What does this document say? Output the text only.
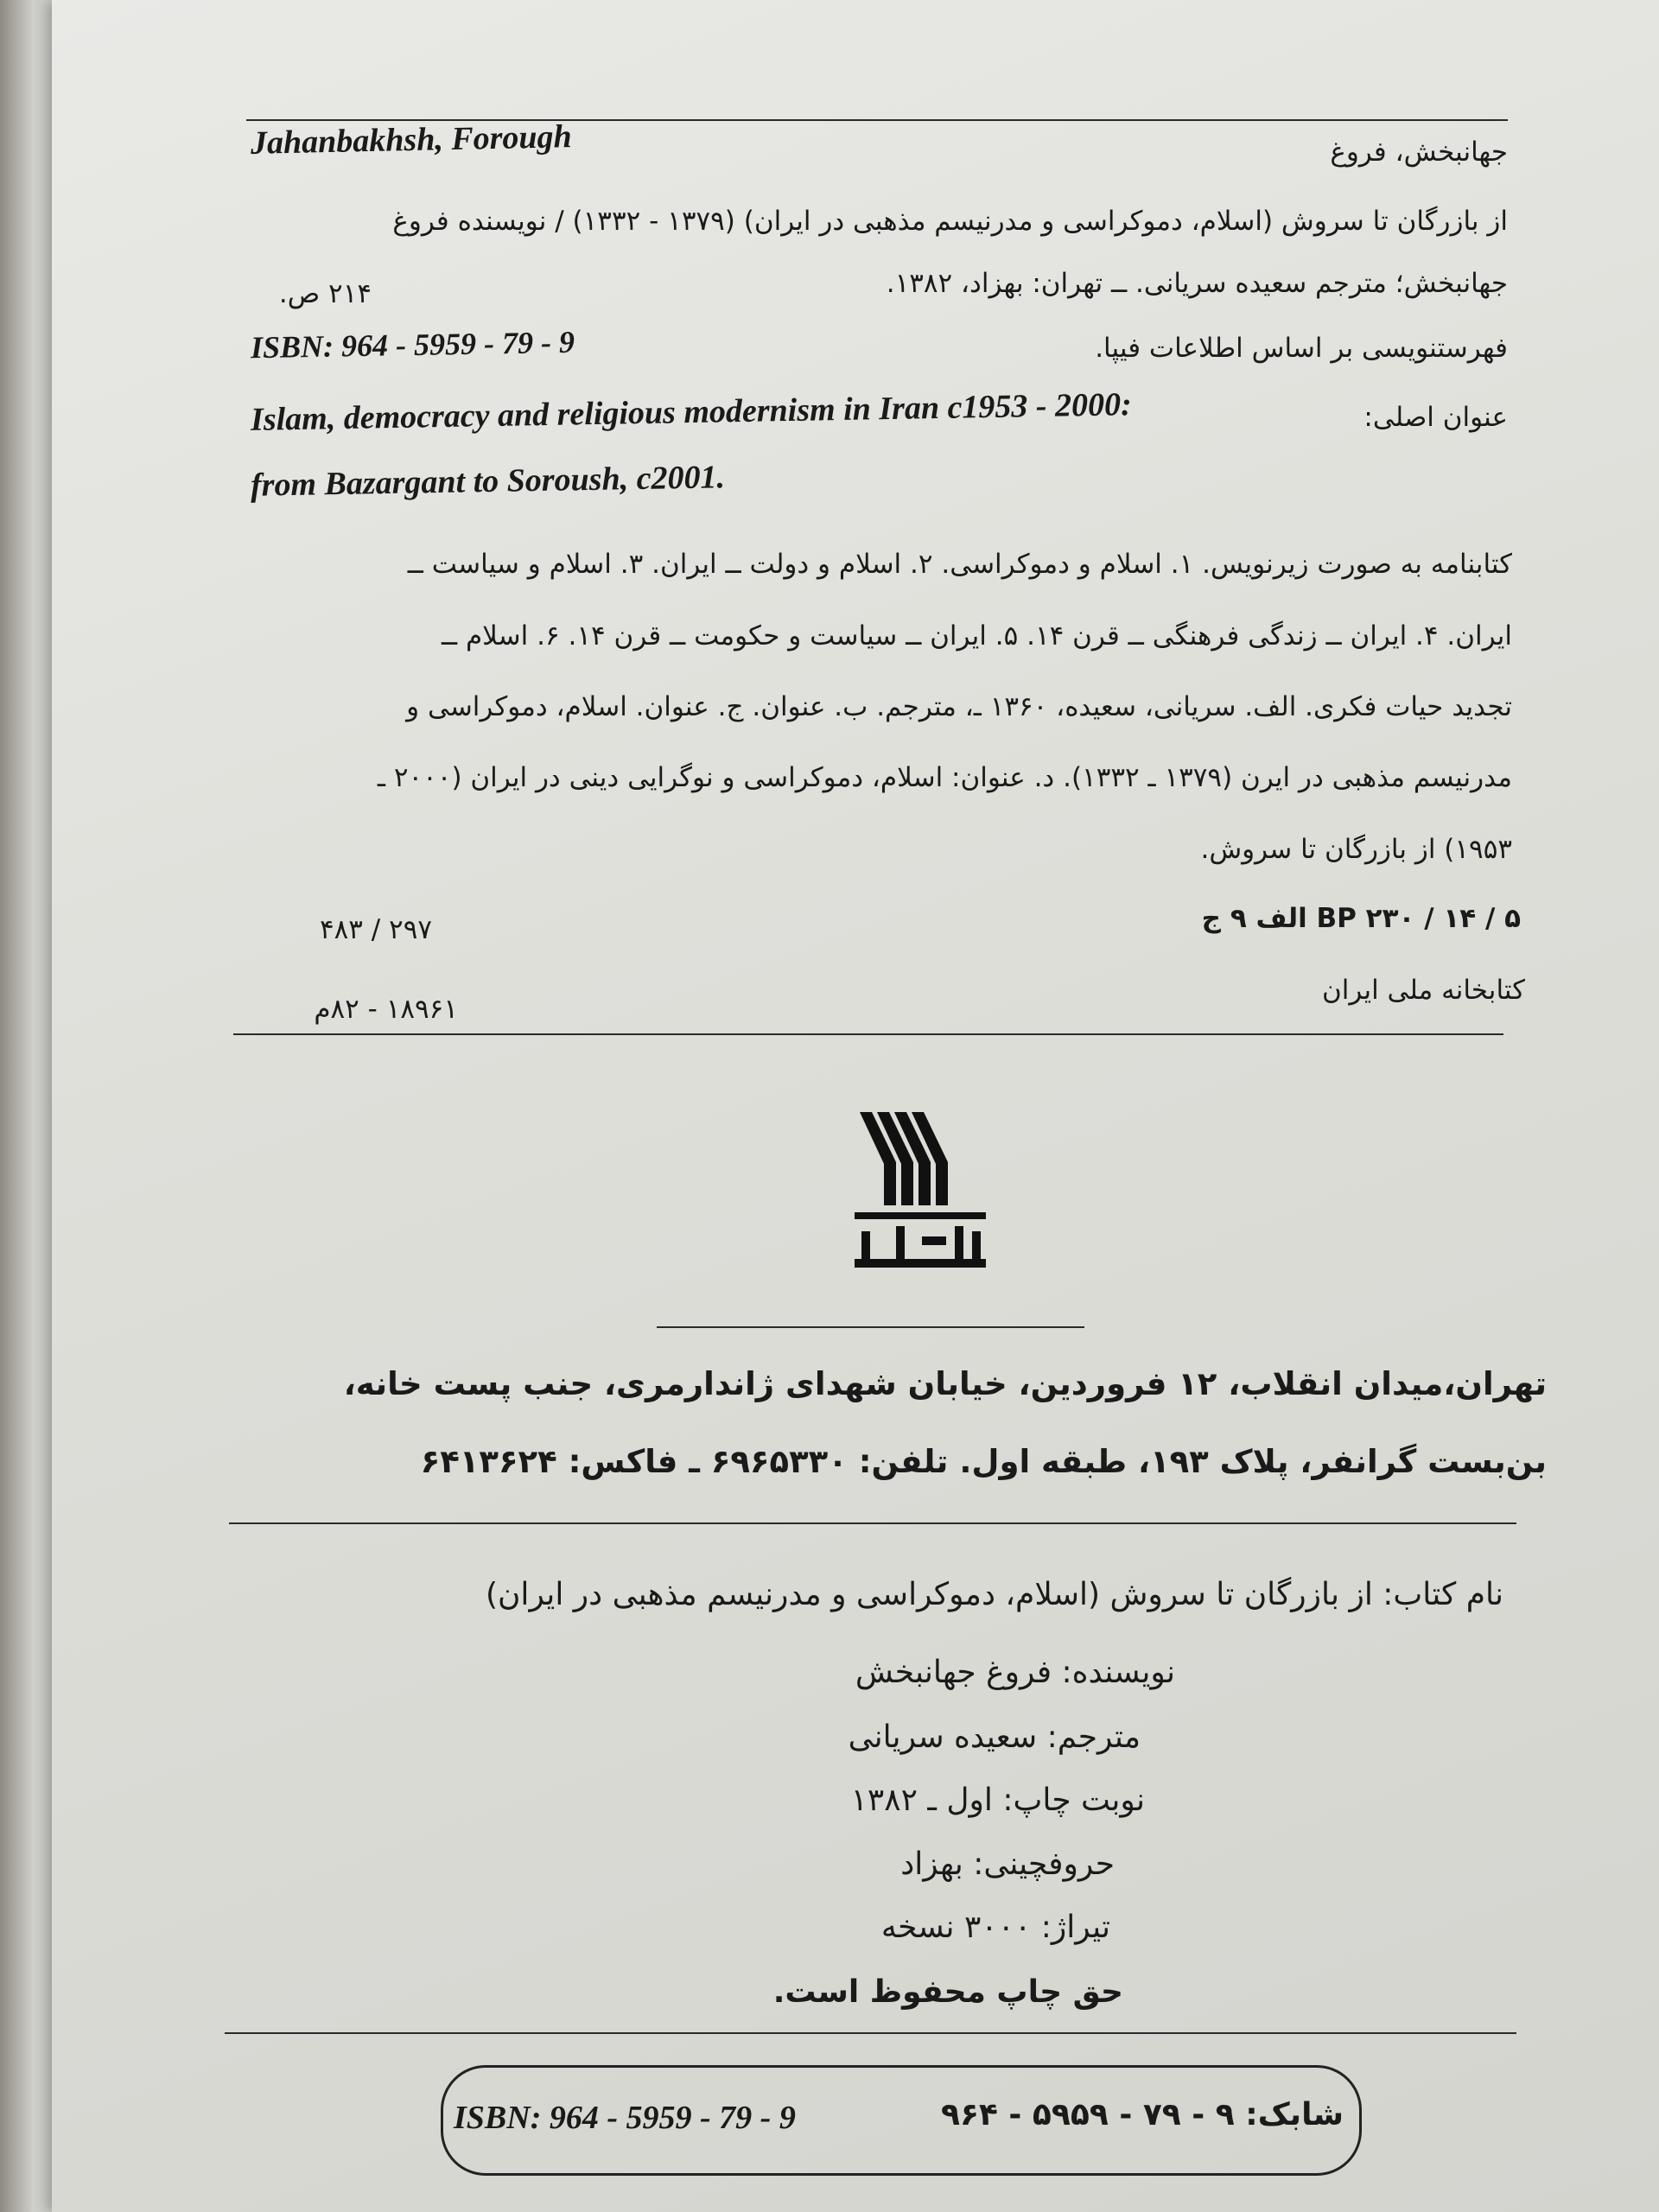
Jahanbakhsh, Forough	جهانبخش، فروغ
از بازرگان تا سروش (اسلام، دموکراسی و مدرنیسم مذهبی در ایران) (۱۳۷۹ - ۱۳۳۲) / نویسنده فروغ
۲۱۴ ص.	جهانبخش؛ مترجم سعیده سریانی. ــ تهران: بهزاد، ۱۳۸۲.
ISBN: 964 - 5959 - 79 - 9	فهرستنویسی بر اساس اطلاعات فیپا.
Islam, democracy and religious modernism in Iran c1953 - 2000:	عنوان اصلی:
from Bazargant to Soroush, c2001.
کتابنامه به صورت زیرنویس. ۱. اسلام و دموکراسی. ۲. اسلام و دولت ــ ایران. ۳. اسلام و سیاست ــ
ایران. ۴. ایران ــ زندگی فرهنگی ــ قرن ۱۴. ۵. ایران ــ سیاست و حکومت ــ قرن ۱۴. ۶. اسلام ــ
تجدید حیات فکری. الف. سریانی، سعیده، ۱۳۶۰ ـ، مترجم. ب. عنوان. ج. عنوان. اسلام، دموکراسی و
مدرنیسم مذهبی در ایرن (۱۳۷۹ ـ ۱۳۳۲). د. عنوان: اسلام، دموکراسی و نوگرایی دینی در ایران (۲۰۰۰ ـ
۱۹۵۳) از بازرگان تا سروش.
۲۹۷ / ۴۸۳	BP ۲۳۰ / ۱۴ / ۵ الف ۹ ج
۱۸۹۶۱ - ۸۲م
کتابخانه ملی ایران
تهران،میدان انقلاب، ۱۲ فروردین، خیابان شهدای ژاندارمری، جنب پست خانه،
بن‌بست گرانفر، پلاک ۱۹۳، طبقه اول. تلفن: ۶۹۶۵۳۳۰ ـ فاکس: ۶۴۱۳۶۲۴
نام کتاب: از بازرگان تا سروش (اسلام، دموکراسی و مدرنیسم مذهبی در ایران)
نویسنده: فروغ جهانبخش
مترجم: سعیده سریانی
نوبت چاپ: اول ـ ۱۳۸۲
حروفچینی: بهزاد
تیراژ: ۳۰۰۰ نسخه
حق چاپ محفوظ است.
ISBN: 964 - 5959 - 79 - 9	شابک: ۹ - ۷۹ - ۵۹۵۹ - ۹۶۴
